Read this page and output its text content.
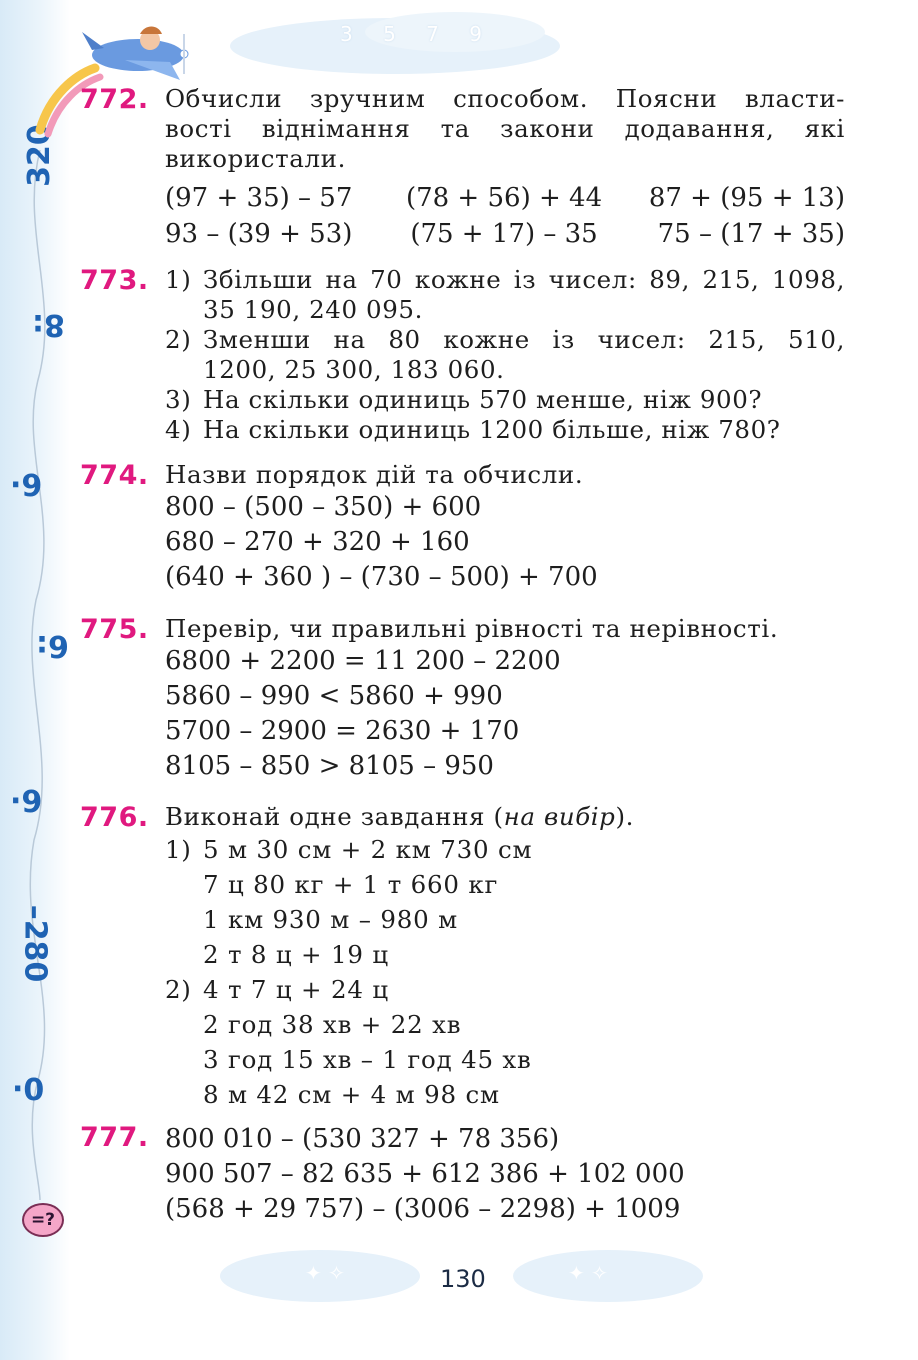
320
8:
6·
6:
6·
–280
0·
=?
3 5 7 9
772. Обчисли зручним способом. Поясни власти-
вості віднімання та закони додавання, які
використали.
(97 + 35) – 57	(78 + 56) + 44	87 + (95 + 13)
93 – (39 + 53)	(75 + 17) – 35	75 – (17 + 35)
773. 1) Збільши на 70 кожне із чисел: 89, 215, 1098,
35 190, 240 095.
2) Зменши на 80 кожне із чисел: 215, 510,
1200, 25 300, 183 060.
3) На скільки одиниць 570 менше, ніж 900?
4) На скільки одиниць 1200 більше, ніж 780?
774. Назви порядок дій та обчисли.
800 – (500 – 350) + 600
680 – 270 + 320 + 160
(640 + 360 ) – (730 – 500) + 700
775. Перевір, чи правильні рівності та нерівності.
6800 + 2200 = 11 200 – 2200
5860 – 990 < 5860 + 990
5700 – 2900 = 2630 + 170
8105 – 850 > 8105 – 950
776. Виконай одне завдання (на вибір).
1) 5 м 30 см + 2 км 730 см
7 ц 80 кг + 1 т 660 кг
1 км 930 м – 980 м
2 т 8 ц + 19 ц
2) 4 т 7 ц + 24 ц
2 год 38 хв + 22 хв
3 год 15 хв – 1 год 45 хв
8 м 42 см + 4 м 98 см
777. 800 010 – (530 327 + 78 356)
900 507 – 82 635 + 612 386 + 102 000
(568 + 29 757) – (3006 – 2298) + 1009
✦ ✧	✦ ✧
130
